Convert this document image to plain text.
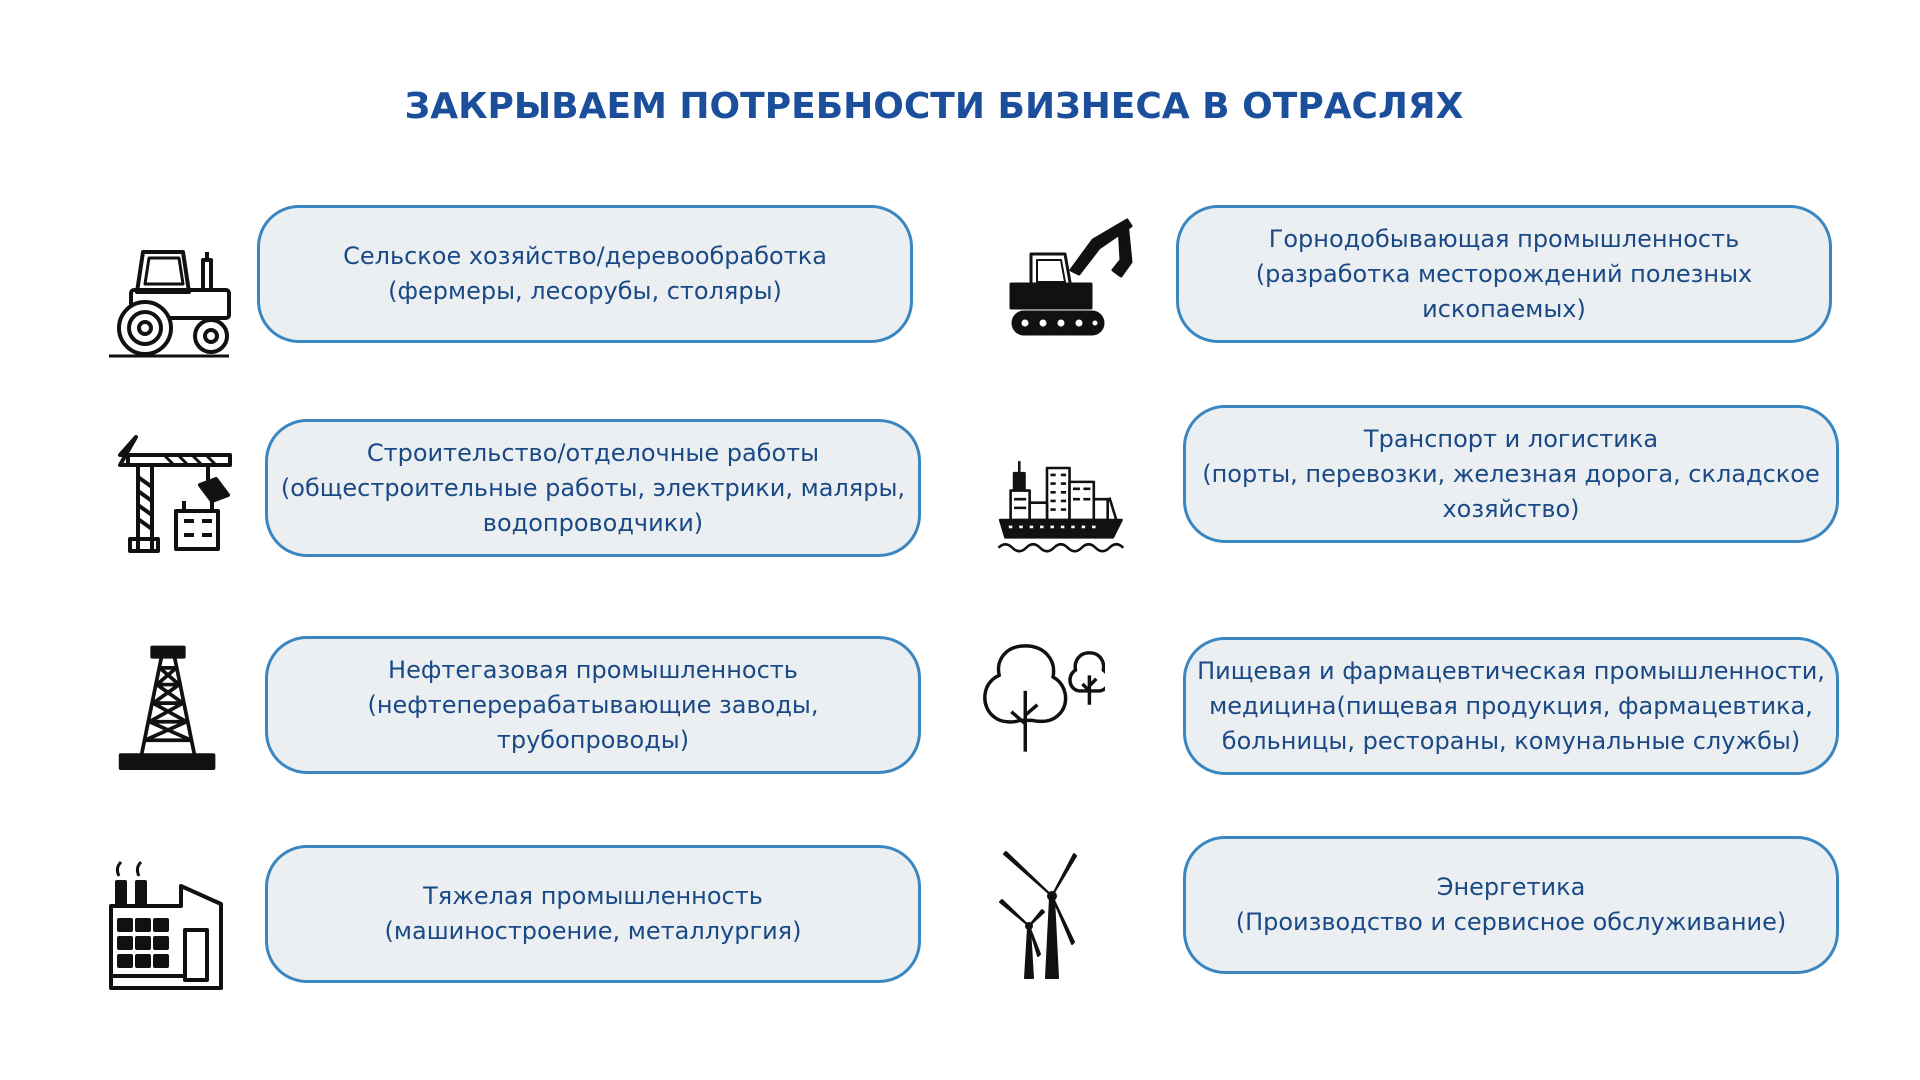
ЗАКРЫВАЕМ ПОТРЕБНОСТИ БИЗНЕСА В ОТРАСЛЯХ
Сельское хозяйство/деревообработка
(фермеры, лесорубы, столяры)
Горнодобывающая промышленность
(разработка месторождений полезных
ископаемых)
Строительство/отделочные работы
(общестроительные работы, электрики, маляры,
водопроводчики)
Транспорт и логистика
(порты, перевозки, железная дорога, складское
хозяйство)
Нефтегазовая промышленность
(нефтеперерабатывающие заводы,
трубопроводы)
Пищевая и фармацевтическая промышленности,
медицина(пищевая продукция, фармацевтика,
больницы, рестораны, комунальные службы)
Тяжелая промышленность
(машиностроение, металлургия)
Энергетика
(Производство и сервисное обслуживание)
